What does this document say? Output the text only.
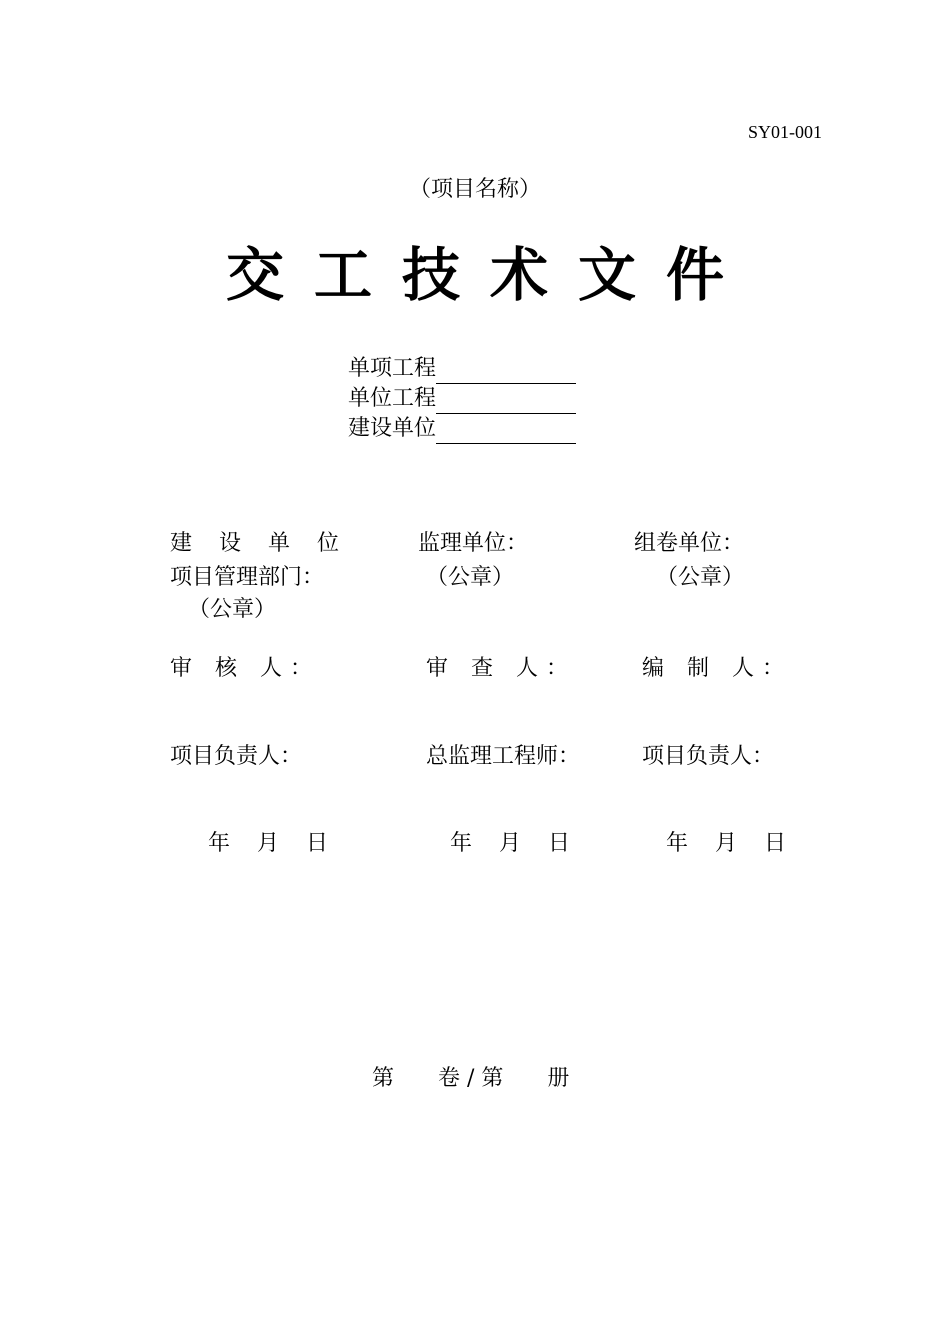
SY01-001
（项目名称）
交工技术文件
单项工程
单位工程
建设单位
建 设 单 位
项目管理部门：
（公章）
审 核 人：
项目负责人：
年 月 日
监理单位：
（公章）
审 查 人：
总监理工程师：
年 月 日
组卷单位：
（公章）
编 制 人：
项目负责人：
年 月 日
第　　卷 / 第　　册
